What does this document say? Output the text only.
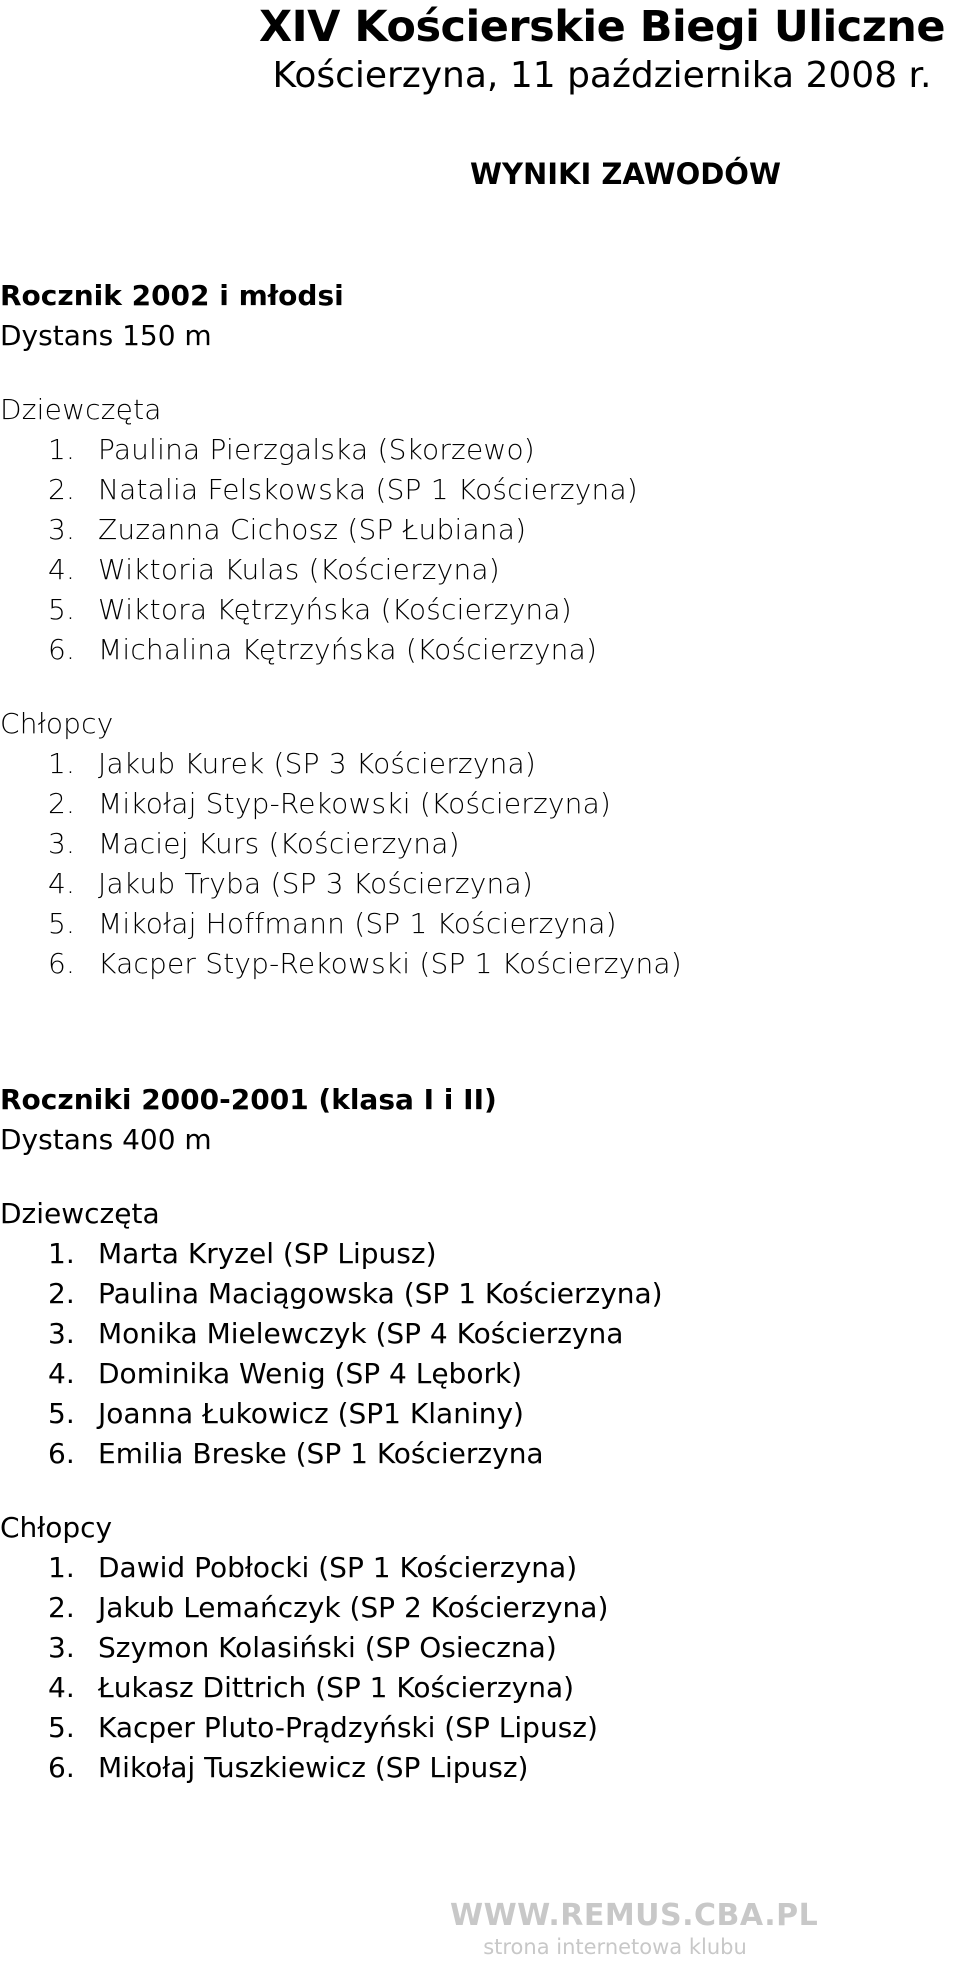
XIV Kościerskie Biegi Uliczne
Kościerzyna, 11 października 2008 r.
WYNIKI ZAWODÓW
Rocznik 2002 i młodsi
Dystans 150 m
Dziewczęta
1. Paulina Pierzgalska (Skorzewo)
2. Natalia Felskowska (SP 1 Kościerzyna)
3. Zuzanna Cichosz (SP Łubiana)
4. Wiktoria Kulas (Kościerzyna)
5. Wiktora Kętrzyńska (Kościerzyna)
6. Michalina Kętrzyńska (Kościerzyna)
Chłopcy
1. Jakub Kurek (SP 3 Kościerzyna)
2. Mikołaj Styp-Rekowski (Kościerzyna)
3. Maciej Kurs (Kościerzyna)
4. Jakub Tryba (SP 3 Kościerzyna)
5. Mikołaj Hoffmann (SP 1 Kościerzyna)
6. Kacper Styp-Rekowski (SP 1 Kościerzyna)
Roczniki 2000-2001 (klasa I i II)
Dystans 400 m
Dziewczęta
1. Marta Kryzel (SP Lipusz)
2. Paulina Maciągowska (SP 1 Kościerzyna)
3. Monika Mielewczyk (SP 4 Kościerzyna
4. Dominika Wenig (SP 4 Lębork)
5. Joanna Łukowicz (SP1 Klaniny)
6. Emilia Breske (SP 1 Kościerzyna
Chłopcy
1. Dawid Pobłocki (SP 1 Kościerzyna)
2. Jakub Lemańczyk (SP 2 Kościerzyna)
3. Szymon Kolasiński (SP Osieczna)
4. Łukasz Dittrich (SP 1 Kościerzyna)
5. Kacper Pluto-Prądzyński (SP Lipusz)
6. Mikołaj Tuszkiewicz (SP Lipusz)
WWW.REMUS.CBA.PL
strona internetowa klubu
